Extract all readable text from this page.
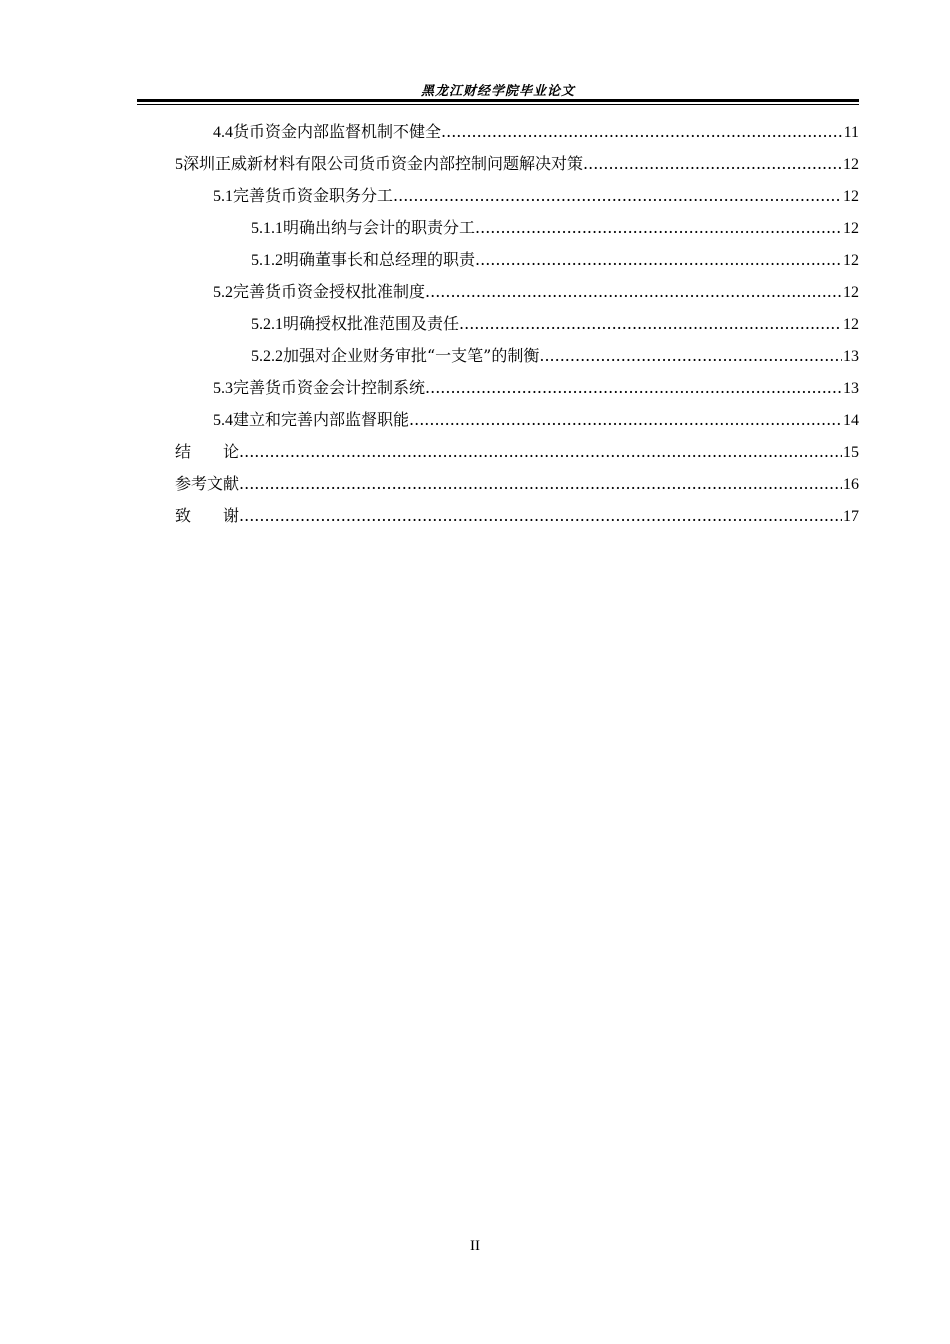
黑龙江财经学院毕业论文
4.4 货币资金内部监督机制不健全 .....	11
5 深圳正威新材料有限公司货币资金内部控制问题解决对策 .....	12
5.1 完善货币资金职务分工 .....	12
5.1.1 明确出纳与会计的职责分工 .....	12
5.1.2 明确董事长和总经理的职责 .....	12
5.2 完善货币资金授权批准制度 .....	12
5.2.1 明确授权批准范围及责任 .....	12
5.2.2 加强对企业财务审批“一支笔”的制衡 .....	13
5.3 完善货币资金会计控制系统 .....	13
5.4 建立和完善内部监督职能 .....	14
结　　论 .....	15
参考文献 .....	16
致　　谢 .....	17
II
